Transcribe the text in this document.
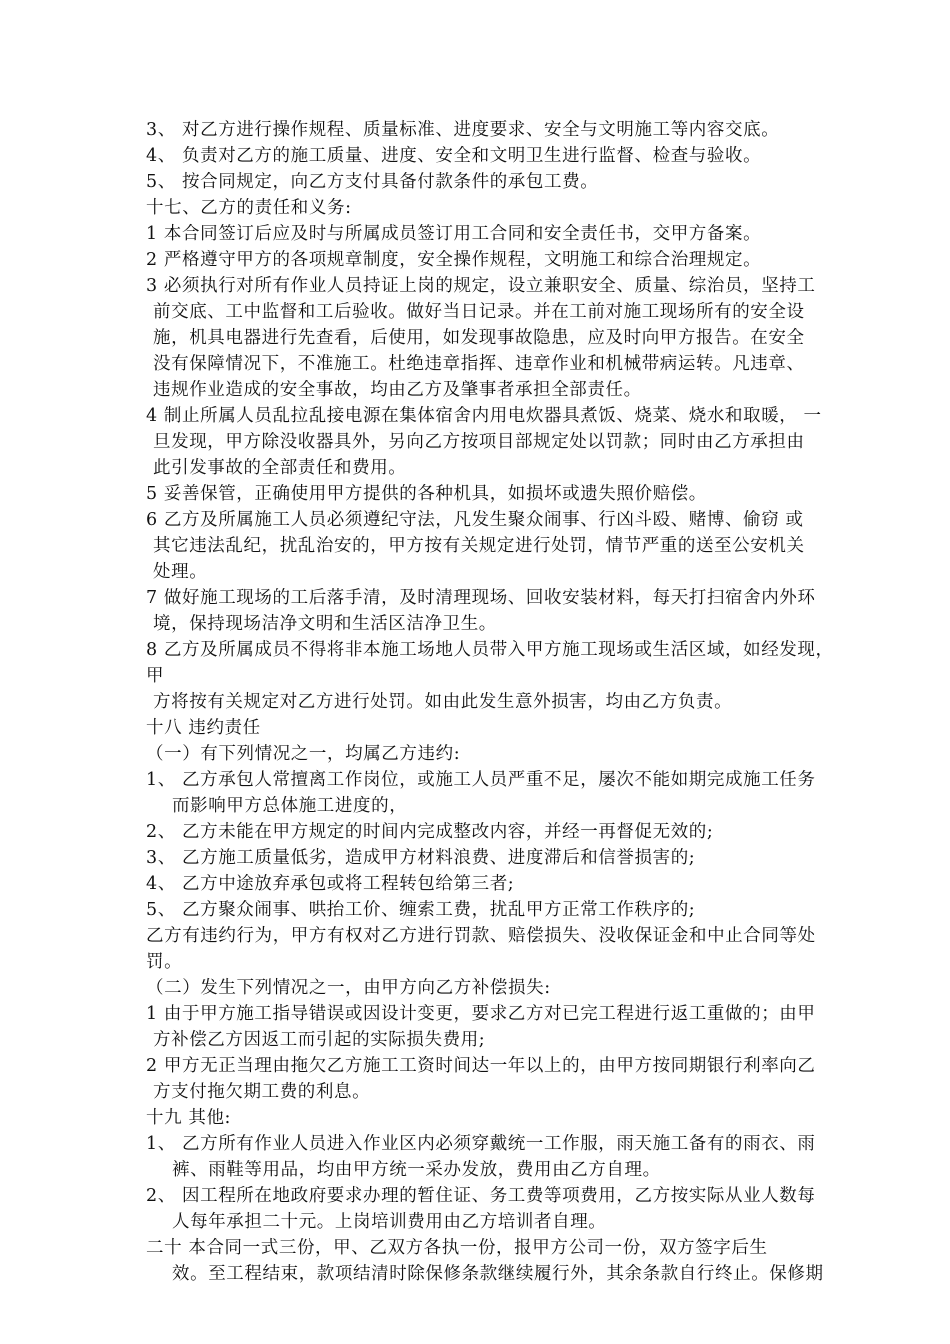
3、 对乙方进行操作规程、质量标准、进度要求、安全与文明施工等内容交底。
4、 负责对乙方的施工质量、进度、安全和文明卫生进行监督、检查与验收。
5、 按合同规定，向乙方支付具备付款条件的承包工费。
十七、乙方的责任和义务:
1 本合同签订后应及时与所属成员签订用工合同和安全责任书，交甲方备案。
2 严格遵守甲方的各项规章制度，安全操作规程，文明施工和综合治理规定。
3 必须执行对所有作业人员持证上岗的规定，设立兼职安全、质量、综治员，坚持工
前交底、工中监督和工后验收。做好当日记录。并在工前对施工现场所有的安全设
施，机具电器进行先查看，后使用，如发现事故隐患，应及时向甲方报告。在安全
没有保障情况下，不准施工。杜绝违章指挥、违章作业和机械带病运转。凡违章、
违规作业造成的安全事故，均由乙方及肇事者承担全部责任。
4 制止所属人员乱拉乱接电源在集体宿舍内用电炊器具煮饭、烧菜、烧水和取暖， 一
旦发现，甲方除没收器具外，另向乙方按项目部规定处以罚款；同时由乙方承担由
此引发事故的全部责任和费用。
5 妥善保管，正确使用甲方提供的各种机具，如损坏或遗失照价赔偿。
6 乙方及所属施工人员必须遵纪守法，凡发生聚众闹事、行凶斗殴、赌博、偷窃 或
其它违法乱纪，扰乱治安的，甲方按有关规定进行处罚，情节严重的送至公安机关
处理。
7 做好施工现场的工后落手清，及时清理现场、回收安装材料，每天打扫宿舍内外环
境，保持现场洁净文明和生活区洁净卫生。
8 乙方及所属成员不得将非本施工场地人员带入甲方施工现场或生活区域，如经发现，
甲
方将按有关规定对乙方进行处罚。如由此发生意外损害，均由乙方负责。
十八 违约责任
（一）有下列情况之一，均属乙方违约:
1、 乙方承包人常擅离工作岗位，或施工人员严重不足，屡次不能如期完成施工任务
而影响甲方总体施工进度的，
2、 乙方未能在甲方规定的时间内完成整改内容，并经一再督促无效的;
3、 乙方施工质量低劣，造成甲方材料浪费、进度滞后和信誉损害的;
4、 乙方中途放弃承包或将工程转包给第三者;
5、 乙方聚众闹事、哄抬工价、缠索工费，扰乱甲方正常工作秩序的;
乙方有违约行为，甲方有权对乙方进行罚款、赔偿损失、没收保证金和中止合同等处
罚。
（二）发生下列情况之一，由甲方向乙方补偿损失:
1 由于甲方施工指导错误或因设计变更，要求乙方对已完工程进行返工重做的；由甲
方补偿乙方因返工而引起的实际损失费用;
2 甲方无正当理由拖欠乙方施工工资时间达一年以上的，由甲方按同期银行利率向乙
方支付拖欠期工费的利息。
十九 其他:
1、 乙方所有作业人员进入作业区内必须穿戴统一工作服，雨天施工备有的雨衣、雨
裤、雨鞋等用品，均由甲方统一采办发放，费用由乙方自理。
2、 因工程所在地政府要求办理的暂住证、务工费等项费用，乙方按实际从业人数每
人每年承担二十元。上岗培训费用由乙方培训者自理。
二十 本合同一式三份，甲、乙双方各执一份，报甲方公司一份，双方签字后生
效。至工程结束，款项结清时除保修条款继续履行外，其余条款自行终止。保修期
